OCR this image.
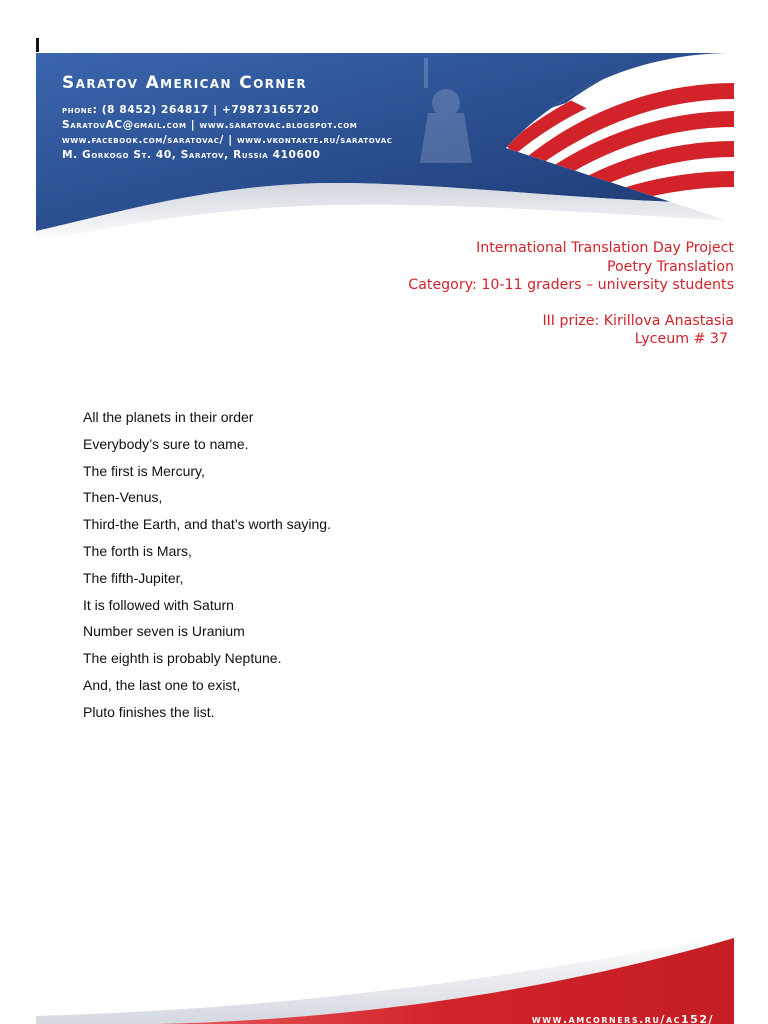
Saratov American Corner
phone: (8 8452) 264817 | +79873165720
SaratovAC@gmail.com | www.saratovac.blogspot.com
www.facebook.com/saratovac/ | www.vkontakte.ru/saratovac
M. Gorkogo St. 40, Saratov, Russia 410600
International Translation Day Project
Poetry Translation
Category: 10-11 graders – university students
III prize: Kirillova Anastasia
Lyceum # 37
All the planets in their order
Everybody’s sure to name.
The first is Mercury,
Then-Venus,
Third-the Earth, and that’s worth saying.
The forth is Mars,
The fifth-Jupiter,
It is followed with Saturn
Number seven is Uranium
The eighth is probably Neptune.
And, the last one to exist,
Pluto finishes the list.
www.amcorners.ru/ac152/
